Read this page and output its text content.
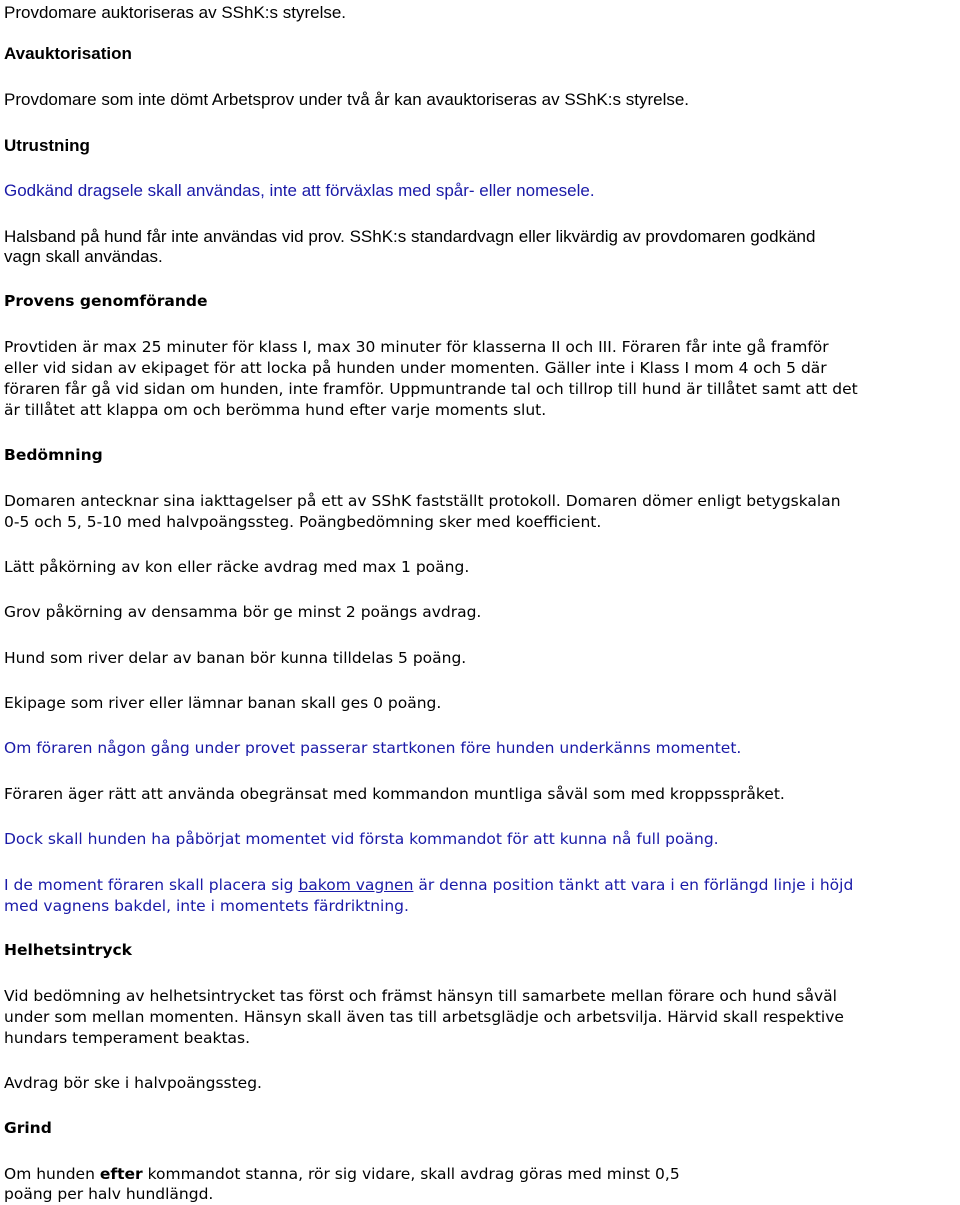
Provdomare auktoriseras av SShK:s styrelse.
Avauktorisation
Provdomare som inte dömt Arbetsprov under två år kan avauktoriseras av SShK:s styrelse.
Utrustning
Godkänd dragsele skall användas, inte att förväxlas med spår- eller nomesele.
Halsband på hund får inte användas vid prov. SShK:s standardvagn eller likvärdig av provdomaren godkänd
vagn skall användas.
Provens genomförande
Provtiden är max 25 minuter för klass I, max 30 minuter för klasserna II och III. Föraren får inte gå framför
eller vid sidan av ekipaget för att locka på hunden under momenten. Gäller inte i Klass I mom 4 och 5 där
föraren får gå vid sidan om hunden, inte framför. Uppmuntrande tal och tillrop till hund är tillåtet samt att det
är tillåtet att klappa om och berömma hund efter varje moments slut.
Bedömning
Domaren antecknar sina iakttagelser på ett av SShK fastställt protokoll. Domaren dömer enligt betygskalan
0-5 och 5, 5-10 med halvpoängssteg. Poängbedömning sker med koefficient.
Lätt påkörning av kon eller räcke avdrag med max 1 poäng.
Grov påkörning av densamma bör ge minst 2 poängs avdrag.
Hund som river delar av banan bör kunna tilldelas 5 poäng.
Ekipage som river eller lämnar banan skall ges 0 poäng.
Om föraren någon gång under provet passerar startkonen före hunden underkänns momentet.
Föraren äger rätt att använda obegränsat med kommandon muntliga såväl som med kroppsspråket.
Dock skall hunden ha påbörjat momentet vid första kommandot för att kunna nå full poäng.
I de moment föraren skall placera sig bakom vagnen är denna position tänkt att vara i en förlängd linje i höjd
med vagnens bakdel, inte i momentets färdriktning.
Helhetsintryck
Vid bedömning av helhetsintrycket tas först och främst hänsyn till samarbete mellan förare och hund såväl
under som mellan momenten. Hänsyn skall även tas till arbetsglädje och arbetsvilja. Härvid skall respektive
hundars temperament beaktas.
Avdrag bör ske i halvpoängssteg.
Grind
Om hunden efter kommandot stanna, rör sig vidare, skall avdrag göras med minst 0,5
poäng per halv hundlängd.
